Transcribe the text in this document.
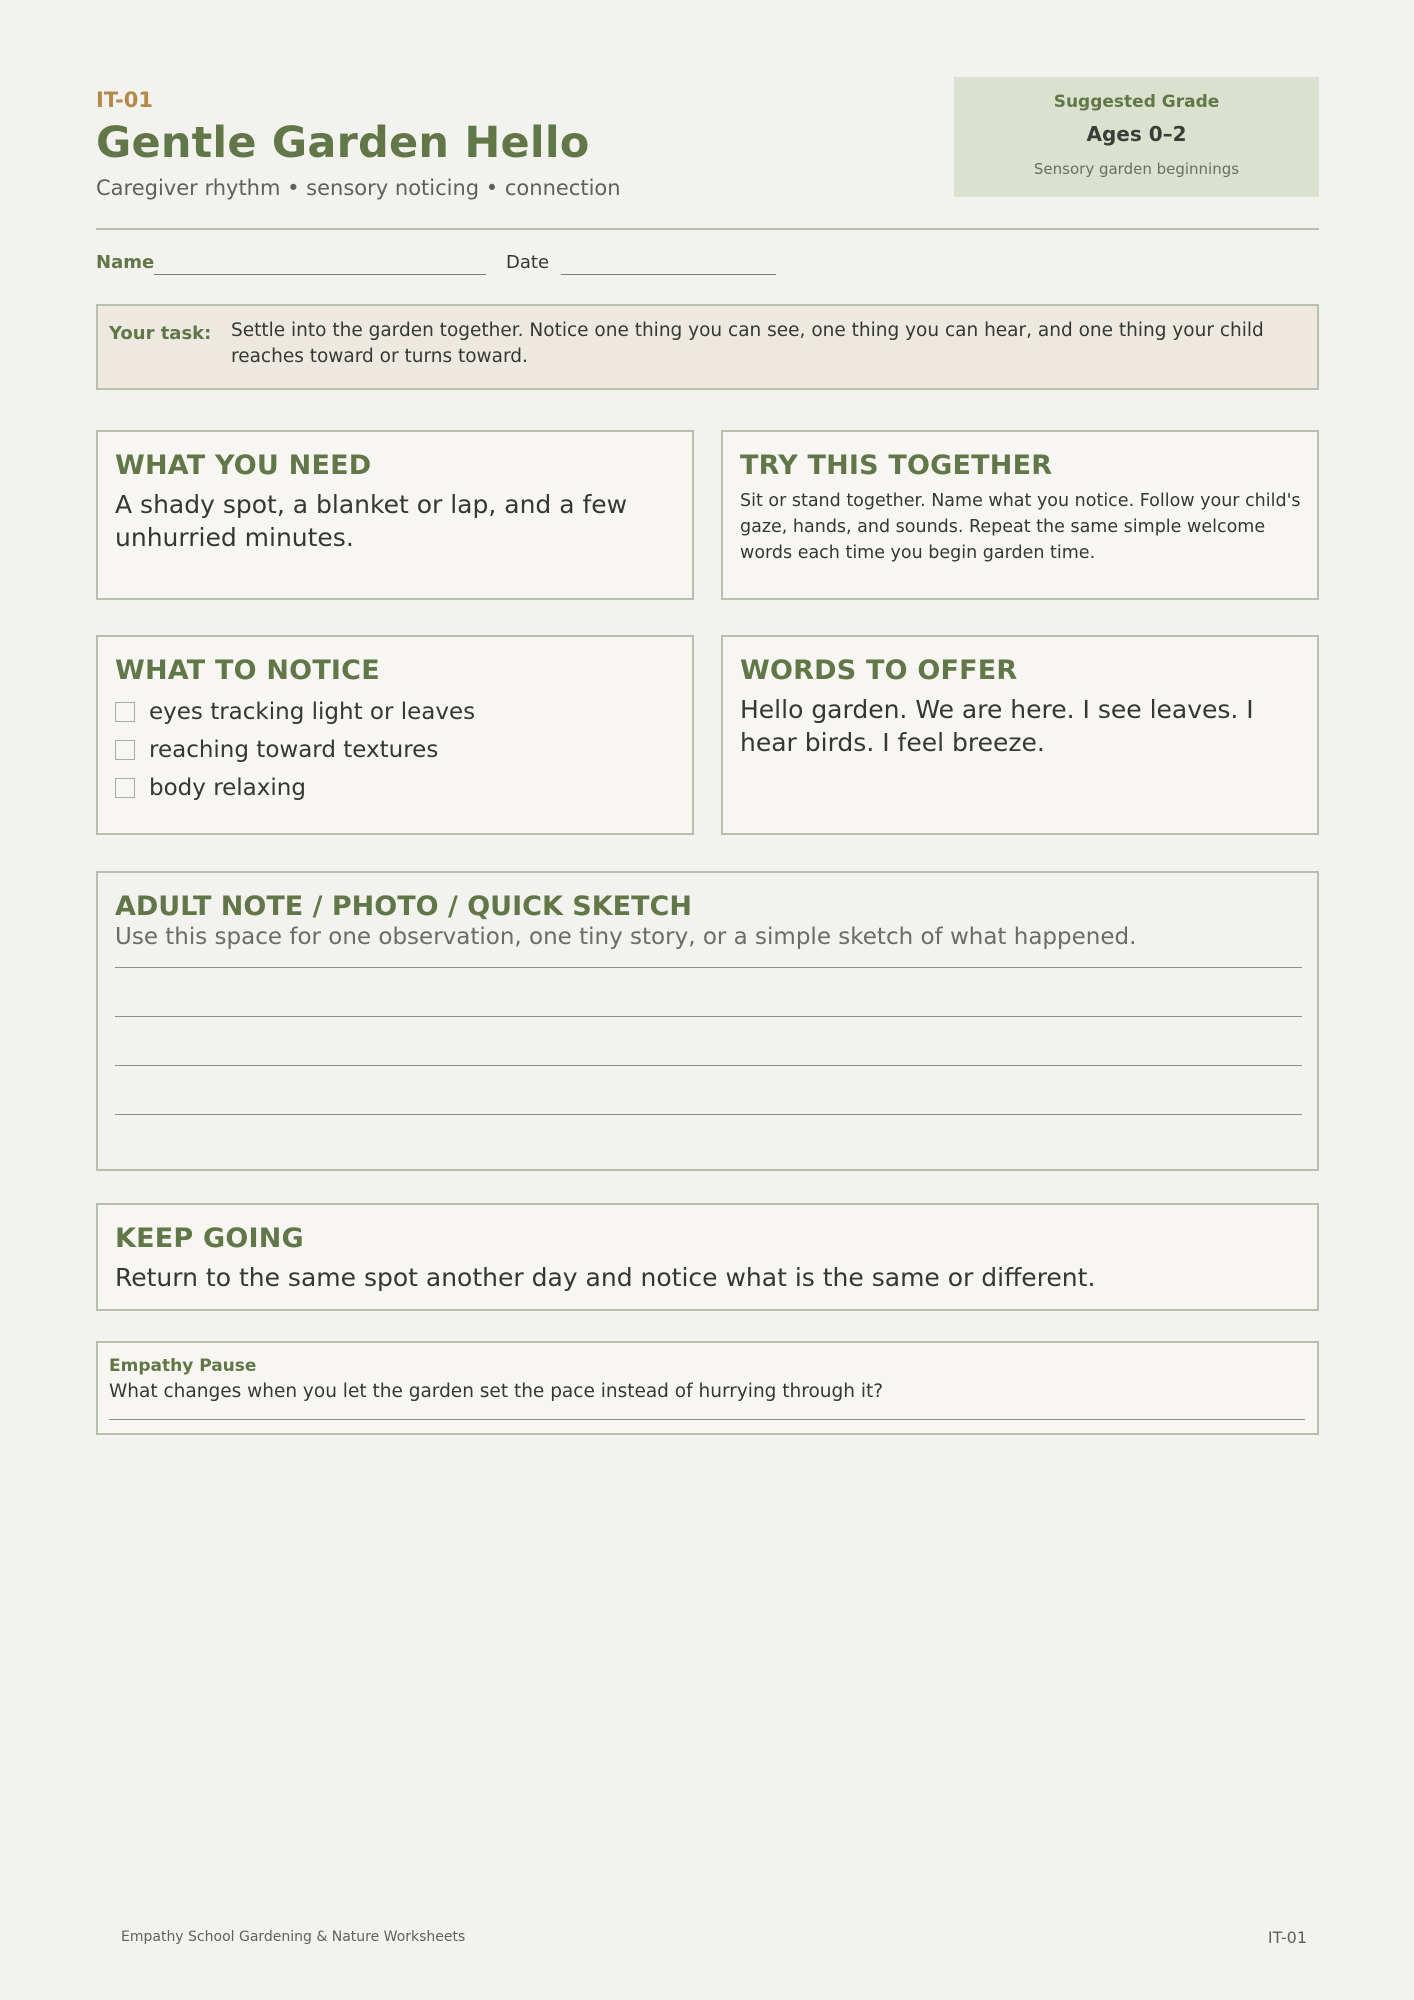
IT-01
Gentle Garden Hello
Caregiver rhythm • sensory noticing • connection
Suggested Grade
Ages 0–2
Sensory garden beginnings
Name	Date
Your task: Settle into the garden together. Notice one thing you can see, one thing you can hear, and one thing your child reaches toward or turns toward.
WHAT YOU NEED
A shady spot, a blanket or lap, and a few unhurried minutes.
TRY THIS TOGETHER
Sit or stand together. Name what you notice. Follow your child's gaze, hands, and sounds. Repeat the same simple welcome words each time you begin garden time.
WHAT TO NOTICE
eyes tracking light or leaves
reaching toward textures
body relaxing
WORDS TO OFFER
Hello garden. We are here. I see leaves. I hear birds. I feel breeze.
ADULT NOTE / PHOTO / QUICK SKETCH
Use this space for one observation, one tiny story, or a simple sketch of what happened.
KEEP GOING
Return to the same spot another day and notice what is the same or different.
Empathy Pause
What changes when you let the garden set the pace instead of hurrying through it?
Empathy School Gardening & Nature Worksheets	IT-01
